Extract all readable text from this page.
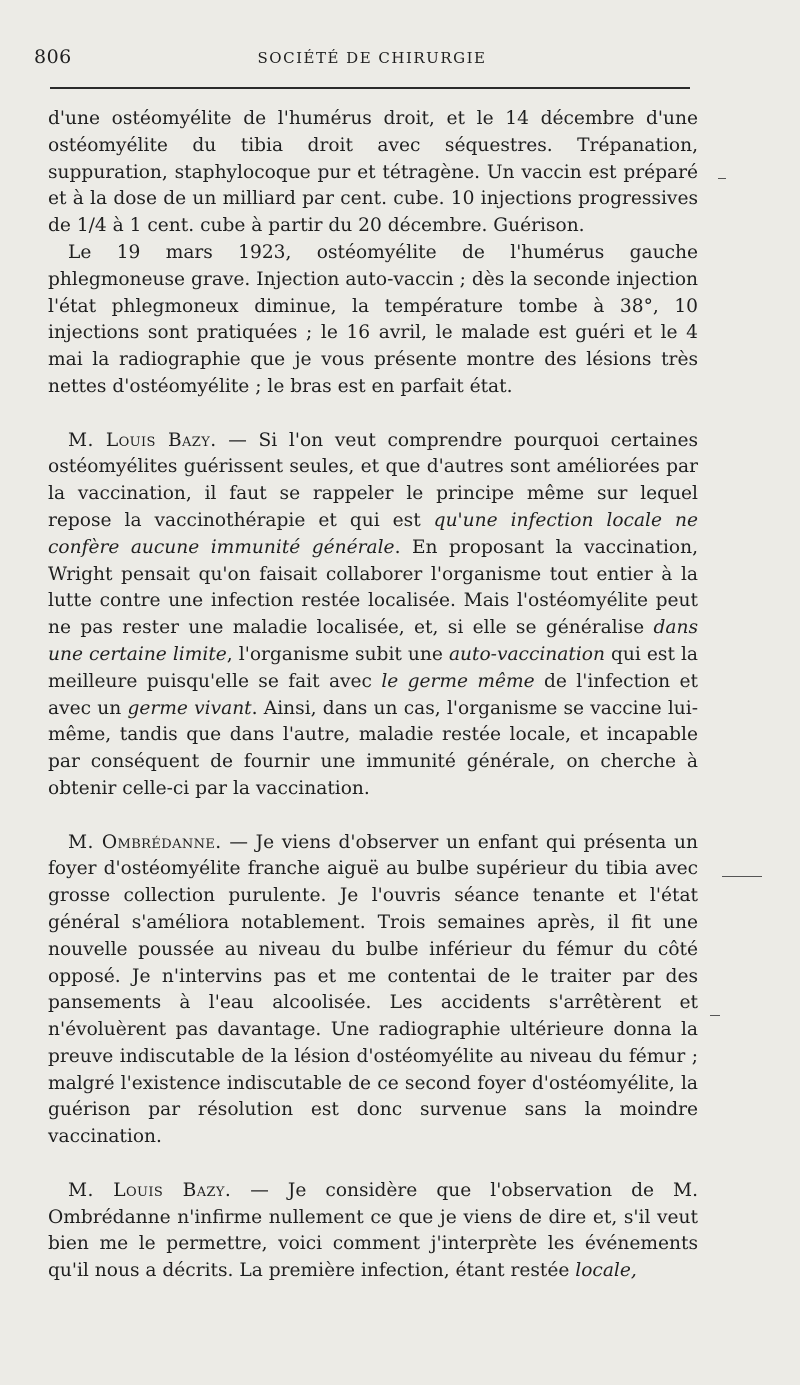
806	SOCIÉTÉ DE CHIRURGIE

d'une ostéomyélite de l'humérus droit, et le 14 décembre d'une ostéomyélite du tibia droit avec séquestres. Trépanation, suppuration, staphylocoque pur et tétragène. Un vaccin est préparé et à la dose de un milliard par cent. cube. 10 injections progressives de 1/4 à 1 cent. cube à partir du 20 décembre. Guérison.

Le 19 mars 1923, ostéomyélite de l'humérus gauche phlegmoneuse grave. Injection auto-vaccin ; dès la seconde injection l'état phlegmoneux diminue, la température tombe à 38°, 10 injections sont pratiquées ; le 16 avril, le malade est guéri et le 4 mai la radiographie que je vous présente montre des lésions très nettes d'ostéomyélite ; le bras est en parfait état.

M. Louis Bazy. — Si l'on veut comprendre pourquoi certaines ostéomyélites guérissent seules, et que d'autres sont améliorées par la vaccination, il faut se rappeler le principe même sur lequel repose la vaccinothérapie et qui est qu'une infection locale ne confère aucune immunité générale. En proposant la vaccination, Wright pensait qu'on faisait collaborer l'organisme tout entier à la lutte contre une infection restée localisée. Mais l'ostéomyélite peut ne pas rester une maladie localisée, et, si elle se généralise dans une certaine limite, l'organisme subit une auto-vaccination qui est la meilleure puisqu'elle se fait avec le germe même de l'infection et avec un germe vivant. Ainsi, dans un cas, l'organisme se vaccine lui-même, tandis que dans l'autre, maladie restée locale, et incapable par conséquent de fournir une immunité générale, on cherche à obtenir celle-ci par la vaccination.

M. Ombrédanne. — Je viens d'observer un enfant qui présenta un foyer d'ostéomyélite franche aiguë au bulbe supérieur du tibia avec grosse collection purulente. Je l'ouvris séance tenante et l'état général s'améliora notablement. Trois semaines après, il fit une nouvelle poussée au niveau du bulbe inférieur du fémur du côté opposé. Je n'intervins pas et me contentai de le traiter par des pansements à l'eau alcoolisée. Les accidents s'arrêtèrent et n'évoluèrent pas davantage. Une radiographie ultérieure donna la preuve indiscutable de la lésion d'ostéomyélite au niveau du fémur ; malgré l'existence indiscutable de ce second foyer d'ostéomyélite, la guérison par résolution est donc survenue sans la moindre vaccination.

M. Louis Bazy. — Je considère que l'observation de M. Ombrédanne n'infirme nullement ce que je viens de dire et, s'il veut bien me le permettre, voici comment j'interprète les événements qu'il nous a décrits. La première infection, étant restée locale,
